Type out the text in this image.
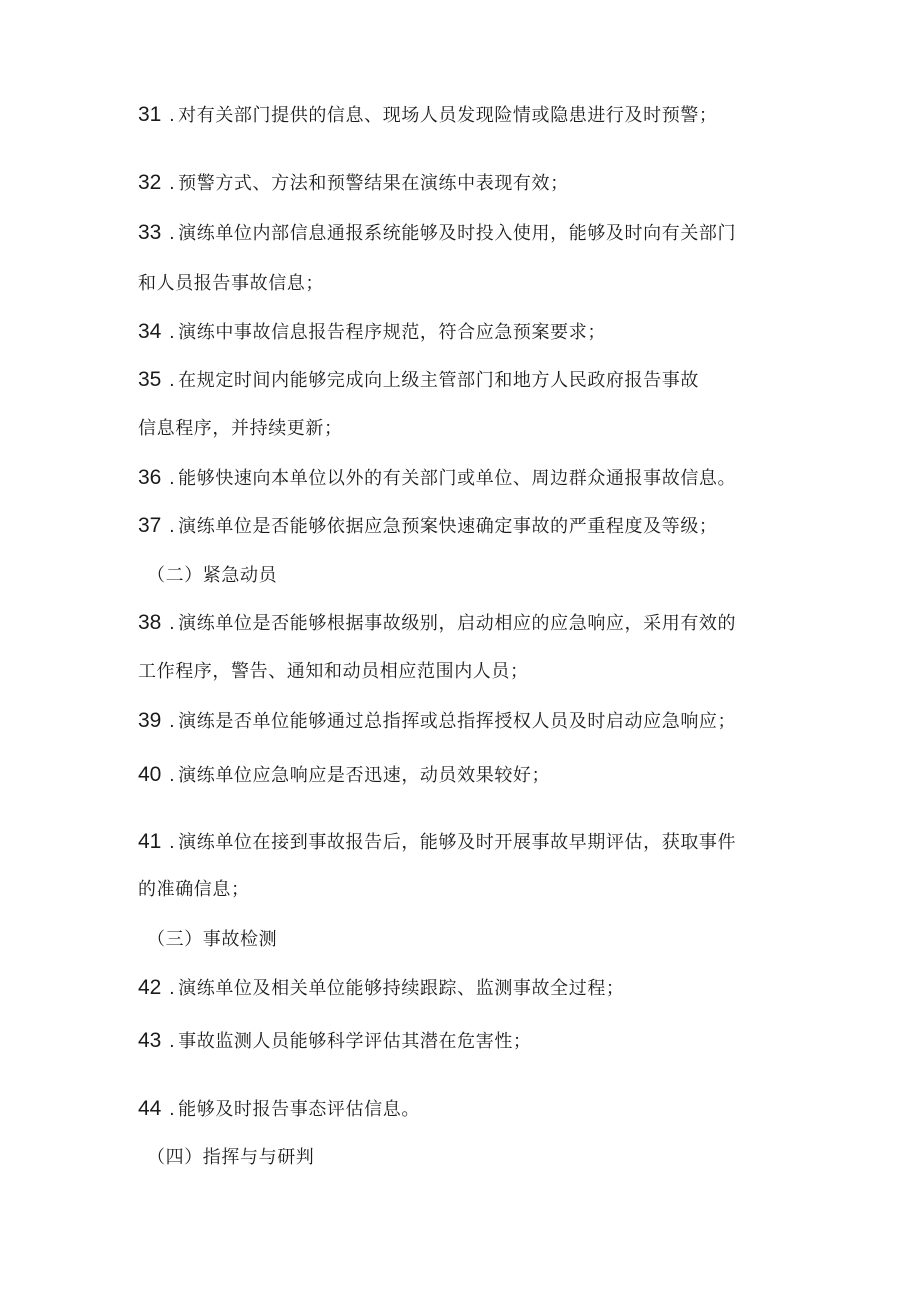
31 . 对有关部门提供的信息、现场人员发现险情或隐患进行及时预警；
32 . 预警方式、方法和预警结果在演练中表现有效；
33 . 演练单位内部信息通报系统能够及时投入使用，能够及时向有关部门
和人员报告事故信息；
34 . 演练中事故信息报告程序规范，符合应急预案要求；
35 . 在规定时间内能够完成向上级主管部门和地方人民政府报告事故
信息程序，并持续更新；
36 . 能够快速向本单位以外的有关部门或单位、周边群众通报事故信息。
37 . 演练单位是否能够依据应急预案快速确定事故的严重程度及等级；
（二）紧急动员
38 . 演练单位是否能够根据事故级别，启动相应的应急响应，采用有效的
工作程序，警告、通知和动员相应范围内人员；
39 . 演练是否单位能够通过总指挥或总指挥授权人员及时启动应急响应；
40 . 演练单位应急响应是否迅速，动员效果较好；
41 . 演练单位在接到事故报告后，能够及时开展事故早期评估，获取事件
的准确信息；
（三）事故检测
42 . 演练单位及相关单位能够持续跟踪、监测事故全过程；
43 . 事故监测人员能够科学评估其潜在危害性；
44 . 能够及时报告事态评估信息。
（四）指挥与与研判
